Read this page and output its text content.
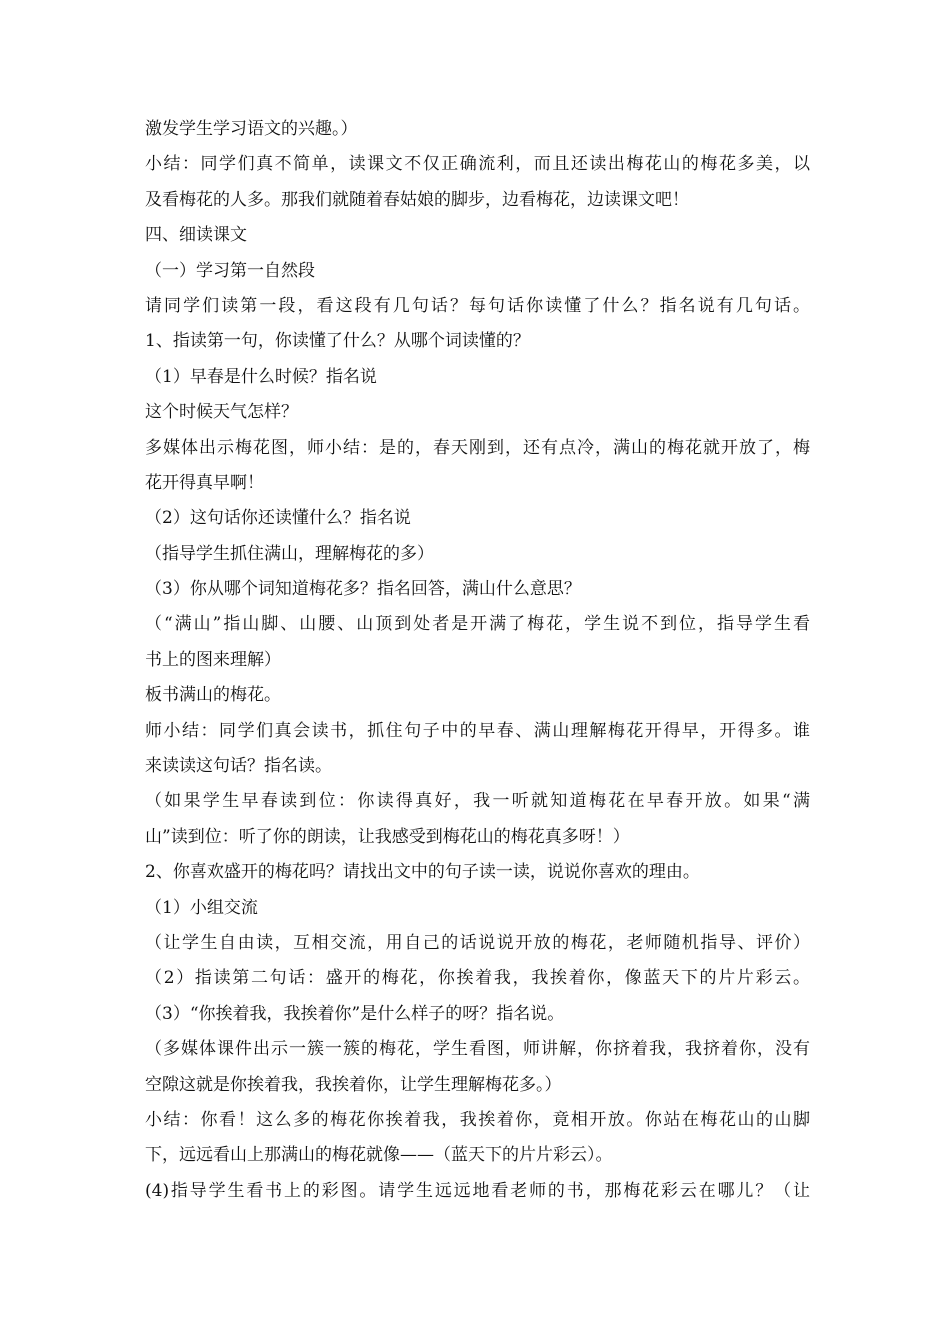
激发学生学习语文的兴趣。）
小结：同学们真不简单，读课文不仅正确流利，而且还读出梅花山的梅花多美，以
及看梅花的人多。那我们就随着春姑娘的脚步，边看梅花，边读课文吧！
四、细读课文
（一）学习第一自然段
请同学们读第一段，看这段有几句话？每句话你读懂了什么？指名说有几句话。
1、指读第一句，你读懂了什么？从哪个词读懂的？
（1）早春是什么时候？指名说
这个时候天气怎样？
多媒体出示梅花图，师小结：是的，春天刚到，还有点冷，满山的梅花就开放了，梅
花开得真早啊！
（2）这句话你还读懂什么？指名说
（指导学生抓住满山，理解梅花的多）
（3）你从哪个词知道梅花多？指名回答，满山什么意思？
（“满山”指山脚、山腰、山顶到处者是开满了梅花，学生说不到位，指导学生看
书上的图来理解）
板书满山的梅花。
师小结：同学们真会读书，抓住句子中的早春、满山理解梅花开得早，开得多。谁
来读读这句话？指名读。
（如果学生早春读到位：你读得真好，我一听就知道梅花在早春开放。如果“满
山”读到位：听了你的朗读，让我感受到梅花山的梅花真多呀！）
2、你喜欢盛开的梅花吗？请找出文中的句子读一读，说说你喜欢的理由。
（1）小组交流
（让学生自由读，互相交流，用自己的话说说开放的梅花，老师随机指导、评价）
（2）指读第二句话：盛开的梅花，你挨着我，我挨着你，像蓝天下的片片彩云。
（3）“你挨着我，我挨着你”是什么样子的呀？指名说。
（多媒体课件出示一簇一簇的梅花，学生看图，师讲解，你挤着我，我挤着你，没有
空隙这就是你挨着我，我挨着你，让学生理解梅花多。）
小结：你看！这么多的梅花你挨着我，我挨着你，竟相开放。你站在梅花山的山脚
下，远远看山上那满山的梅花就像——（蓝天下的片片彩云）。
(4)指导学生看书上的彩图。请学生远远地看老师的书，那梅花彩云在哪儿？（让
